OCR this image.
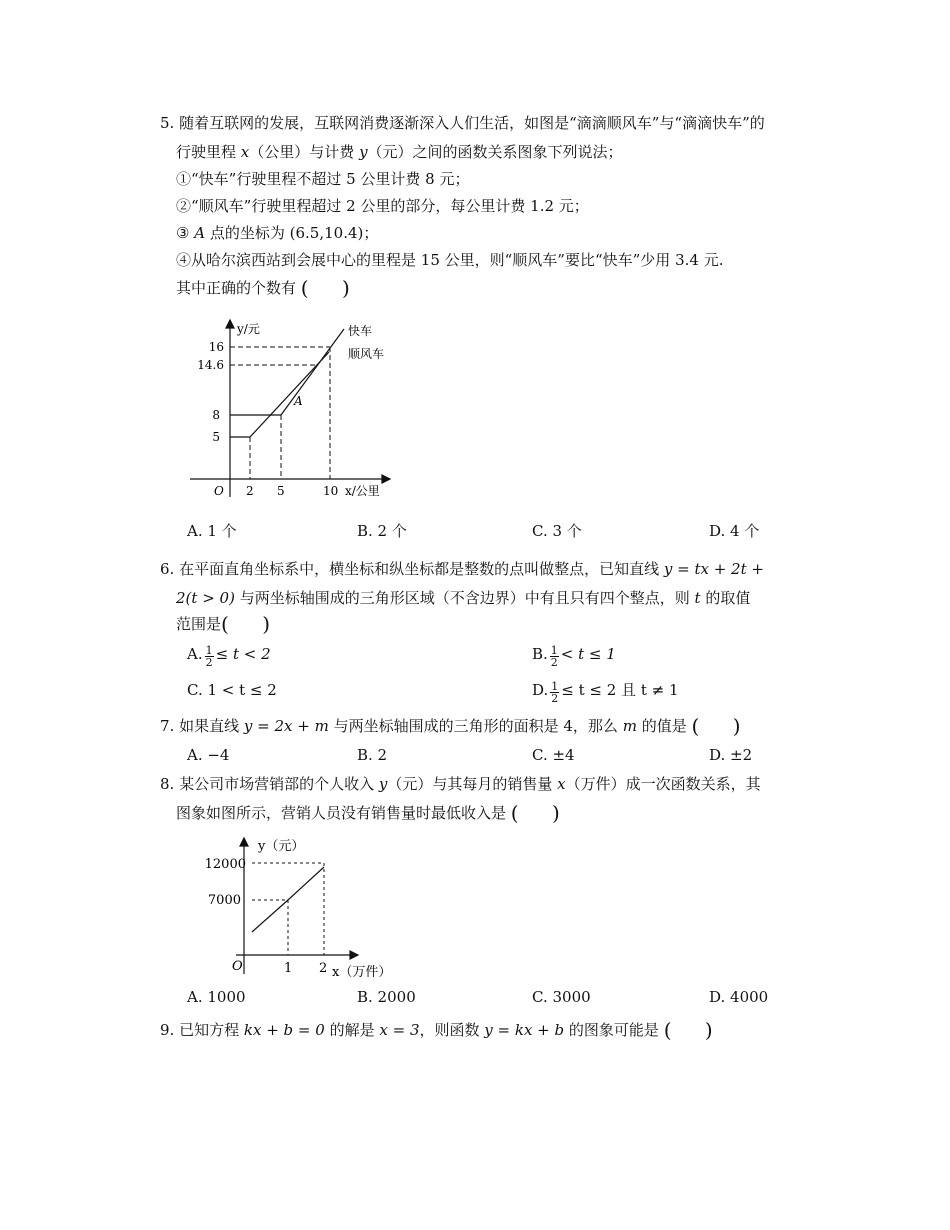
5. 随着互联网的发展，互联网消费逐渐深入人们生活，如图是“滴滴顺风车”与“滴滴快车”的
行驶里程 x（公里）与计费 y（元）之间的函数关系图象下列说法；
①“快车”行驶里程不超过 5 公里计费 8 元；
②“顺风车”行驶里程超过 2 公里的部分，每公里计费 1.2 元；
③ A 点的坐标为 (6.5,10.4)；
④从哈尔滨西站到会展中心的里程是 15 公里，则“顺风车”要比“快车”少用 3.4 元.
其中正确的个数有 ( )
y/元
x/公里
O 2 5	10
5
8
14.6
16
快车
顺风车
A
A. 1 个	B. 2 个	C. 3 个	D. 4 个
6. 在平面直角坐标系中，横坐标和纵坐标都是整数的点叫做整点，已知直线 y = tx + 2t +
2(t > 0) 与两坐标轴围成的三角形区域（不含边界）中有且只有四个整点，则 t 的取值
范围是( )
A. $\frac{1}{2} \le t < 2$	B. $\frac{1}{2} < t \le 1$
C. 1 < t ≤ 2	D. $\frac{1}{2} \le t \le 2$ 且 t ≠ 1
7. 如果直线 y = 2x + m 与两坐标轴围成的三角形的面积是 4，那么 m 的值是 ( )
A. −4	B. 2	C. ±4	D. ±2
8. 某公司市场营销部的个人收入 y（元）与其每月的销售量 x（万件）成一次函数关系，其
图象如图所示，营销人员没有销售量时最低收入是 ( )
y（元）
x（万件）
O	1 2
7000
12000
A. 1000	B. 2000	C. 3000	D. 4000
9. 已知方程 kx + b = 0 的解是 x = 3，则函数 y = kx + b 的图象可能是 ( )
